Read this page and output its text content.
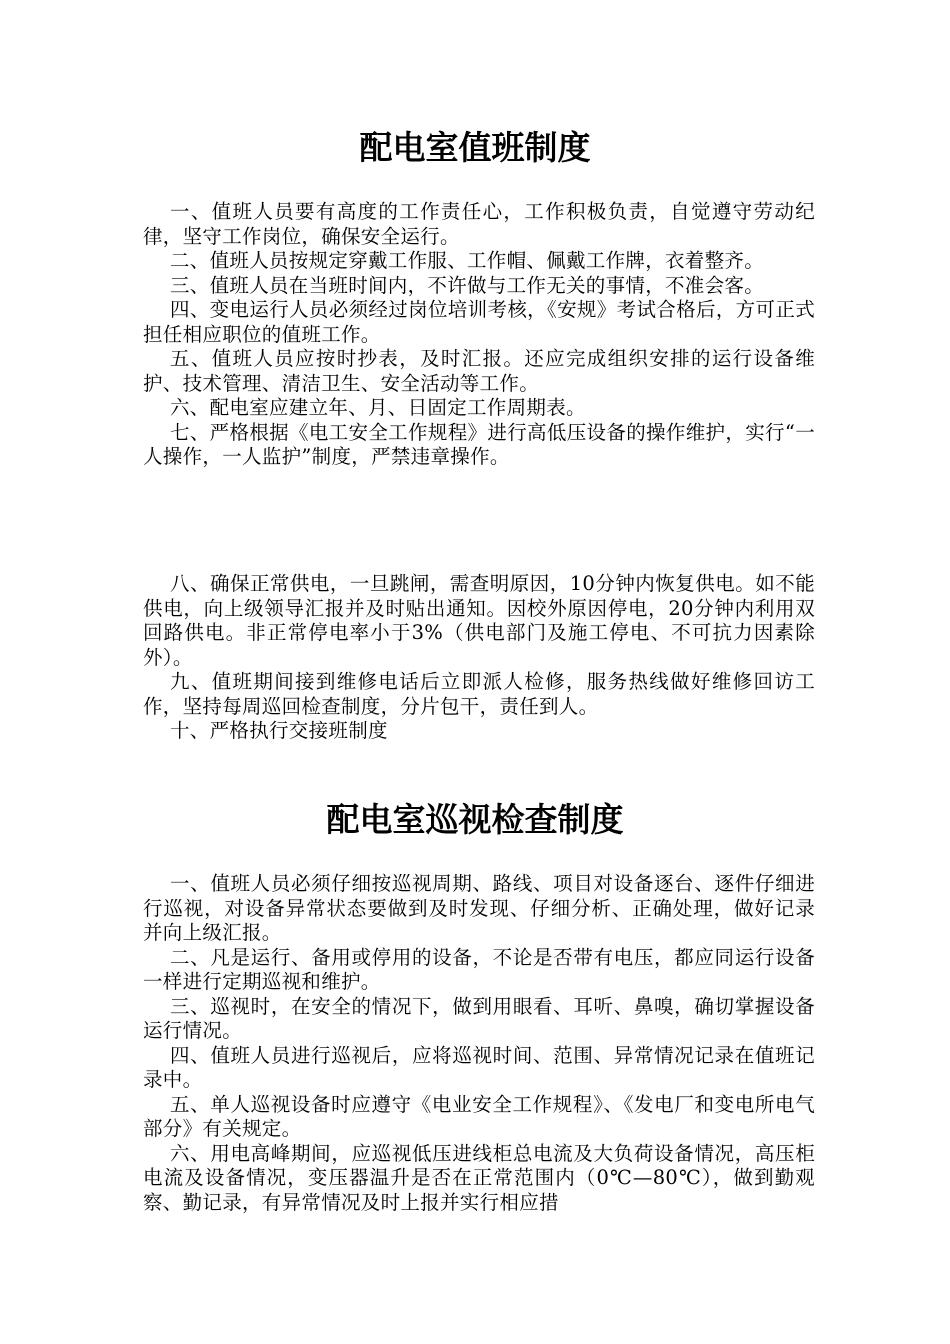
配电室值班制度

一、值班人员要有高度的工作责任心，工作积极负责，自觉遵守劳动纪律，坚守工作岗位，确保安全运行。

二、值班人员按规定穿戴工作服、工作帽、佩戴工作牌，衣着整齐。

三、值班人员在当班时间内，不许做与工作无关的事情，不准会客。

四、变电运行人员必须经过岗位培训考核，《安规》考试合格后，方可正式担任相应职位的值班工作。

五、值班人员应按时抄表，及时汇报。还应完成组织安排的运行设备维护、技术管理、清洁卫生、安全活动等工作。

六、配电室应建立年、月、日固定工作周期表。

七、严格根据《电工安全工作规程》进行高低压设备的操作维护，实行“一人操作，一人监护”制度，严禁违章操作。

八、确保正常供电，一旦跳闸，需查明原因，10分钟内恢复供电。如不能供电，向上级领导汇报并及时贴出通知。因校外原因停电，20分钟内利用双回路供电。非正常停电率小于3%（供电部门及施工停电、不可抗力因素除外）。

九、值班期间接到维修电话后立即派人检修，服务热线做好维修回访工作，坚持每周巡回检查制度，分片包干，责任到人。

十、严格执行交接班制度

配电室巡视检查制度

一、值班人员必须仔细按巡视周期、路线、项目对设备逐台、逐件仔细进行巡视，对设备异常状态要做到及时发现、仔细分析、正确处理，做好记录并向上级汇报。

二、凡是运行、备用或停用的设备，不论是否带有电压，都应同运行设备一样进行定期巡视和维护。

三、巡视时，在安全的情况下，做到用眼看、耳听、鼻嗅，确切掌握设备运行情况。

四、值班人员进行巡视后，应将巡视时间、范围、异常情况记录在值班记录中。

五、单人巡视设备时应遵守《电业安全工作规程》、《发电厂和变电所电气部分》有关规定。

六、用电高峰期间，应巡视低压进线柜总电流及大负荷设备情况，高压柜电流及设备情况，变压器温升是否在正常范围内（0℃—80℃），做到勤观察、勤记录，有异常情况及时上报并实行相应措
